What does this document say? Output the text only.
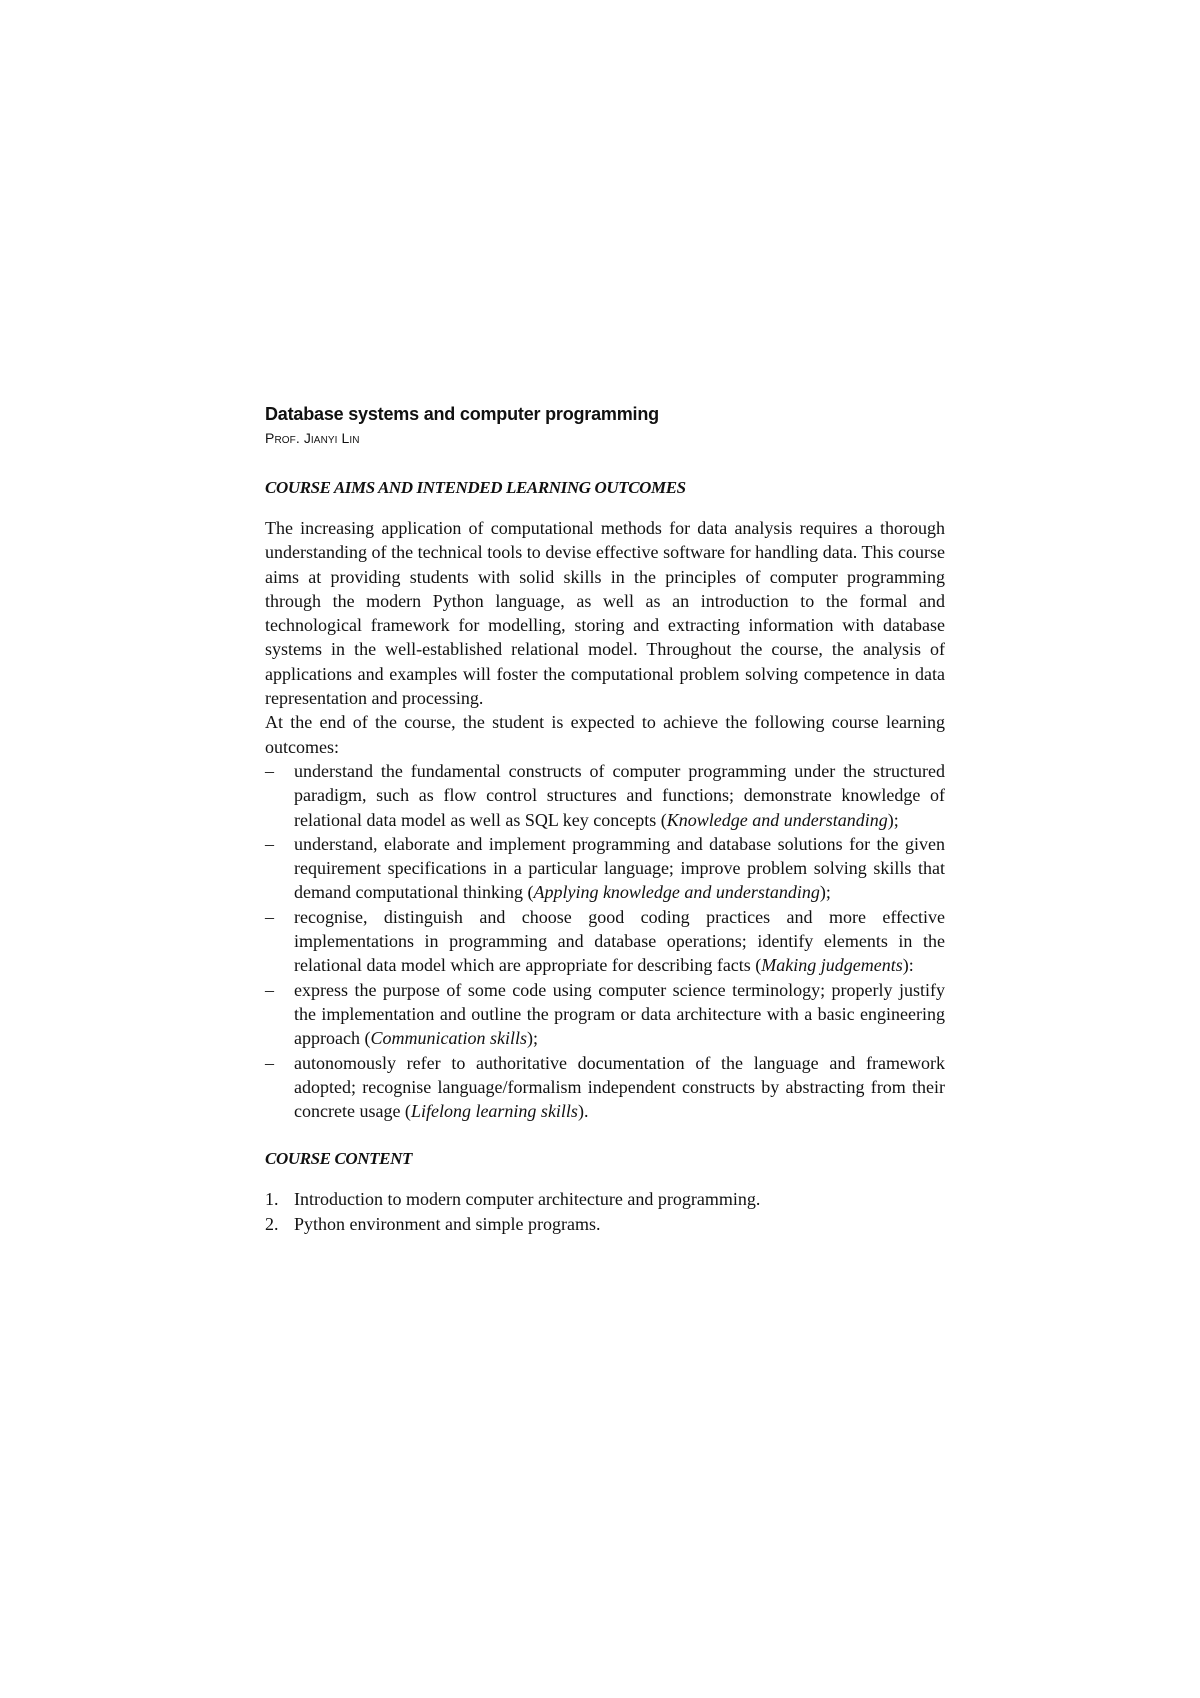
Database systems and computer programming

Prof. Jianyi Lin

COURSE AIMS AND INTENDED LEARNING OUTCOMES

The increasing application of computational methods for data analysis requires a thorough understanding of the technical tools to devise effective software for handling data. This course aims at providing students with solid skills in the principles of computer programming through the modern Python language, as well as an introduction to the formal and technological framework for modelling, storing and extracting information with database systems in the well-established relational model. Throughout the course, the analysis of applications and examples will foster the computational problem solving competence in data representation and processing.

At the end of the course, the student is expected to achieve the following course learning outcomes:

– understand the fundamental constructs of computer programming under the structured paradigm, such as flow control structures and functions; demonstrate knowledge of relational data model as well as SQL key concepts (Knowledge and understanding);
– understand, elaborate and implement programming and database solutions for the given requirement specifications in a particular language; improve problem solving skills that demand computational thinking (Applying knowledge and understanding);
– recognise, distinguish and choose good coding practices and more effective implementations in programming and database operations; identify elements in the relational data model which are appropriate for describing facts (Making judgements):
– express the purpose of some code using computer science terminology; properly justify the implementation and outline the program or data architecture with a basic engineering approach (Communication skills);
– autonomously refer to authoritative documentation of the language and framework adopted; recognise language/formalism independent constructs by abstracting from their concrete usage (Lifelong learning skills).
COURSE CONTENT
1. Introduction to modern computer architecture and programming.
2. Python environment and simple programs.
